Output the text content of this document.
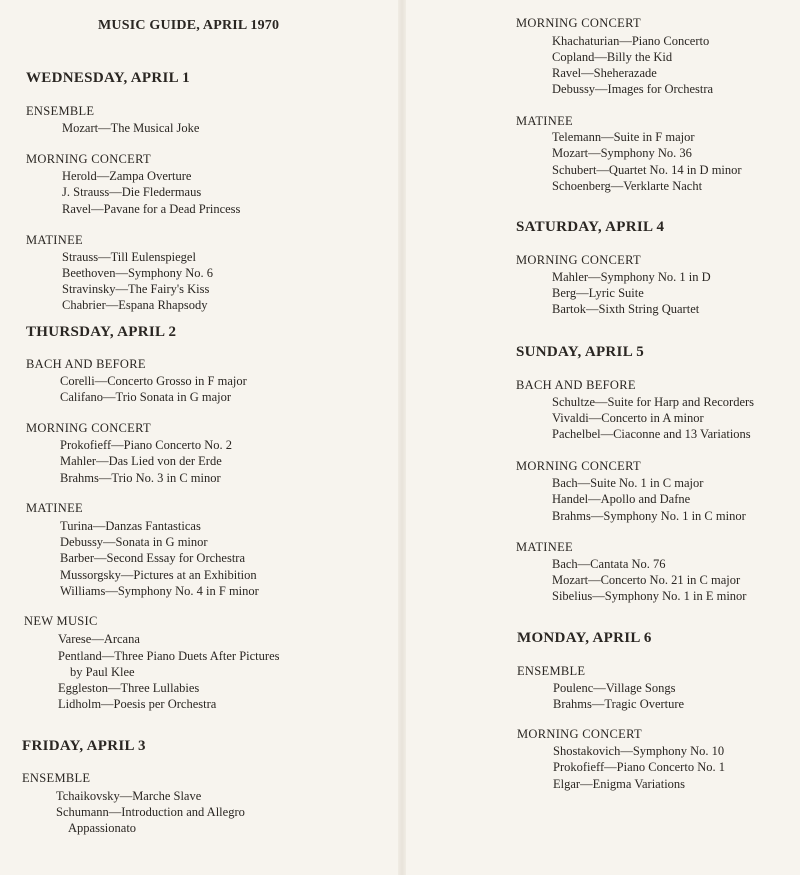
MUSIC GUIDE, APRIL 1970
WEDNESDAY, APRIL 1
ENSEMBLE
Mozart—The Musical Joke
MORNING CONCERT
Herold—Zampa Overture
J. Strauss—Die Fledermaus
Ravel—Pavane for a Dead Princess
MATINEE
Strauss—Till Eulenspiegel
Beethoven—Symphony No. 6
Stravinsky—The Fairy's Kiss
Chabrier—Espana Rhapsody
THURSDAY, APRIL 2
BACH AND BEFORE
Corelli—Concerto Grosso in F major
Califano—Trio Sonata in G major
MORNING CONCERT
Prokofieff—Piano Concerto No. 2
Mahler—Das Lied von der Erde
Brahms—Trio No. 3 in C minor
MATINEE
Turina—Danzas Fantasticas
Debussy—Sonata in G minor
Barber—Second Essay for Orchestra
Mussorgsky—Pictures at an Exhibition
Williams—Symphony No. 4 in F minor
NEW MUSIC
Varese—Arcana
Pentland—Three Piano Duets After Pictures
by Paul Klee
Eggleston—Three Lullabies
Lidholm—Poesis per Orchestra
FRIDAY, APRIL 3
ENSEMBLE
Tchaikovsky—Marche Slave
Schumann—Introduction and Allegro
Appassionato
MORNING CONCERT
Khachaturian—Piano Concerto
Copland—Billy the Kid
Ravel—Sheherazade
Debussy—Images for Orchestra
MATINEE
Telemann—Suite in F major
Mozart—Symphony No. 36
Schubert—Quartet No. 14 in D minor
Schoenberg—Verklarte Nacht
SATURDAY, APRIL 4
MORNING CONCERT
Mahler—Symphony No. 1 in D
Berg—Lyric Suite
Bartok—Sixth String Quartet
SUNDAY, APRIL 5
BACH AND BEFORE
Schultze—Suite for Harp and Recorders
Vivaldi—Concerto in A minor
Pachelbel—Ciaconne and 13 Variations
MORNING CONCERT
Bach—Suite No. 1 in C major
Handel—Apollo and Dafne
Brahms—Symphony No. 1 in C minor
MATINEE
Bach—Cantata No. 76
Mozart—Concerto No. 21 in C major
Sibelius—Symphony No. 1 in E minor
MONDAY, APRIL 6
ENSEMBLE
Poulenc—Village Songs
Brahms—Tragic Overture
MORNING CONCERT
Shostakovich—Symphony No. 10
Prokofieff—Piano Concerto No. 1
Elgar—Enigma Variations
